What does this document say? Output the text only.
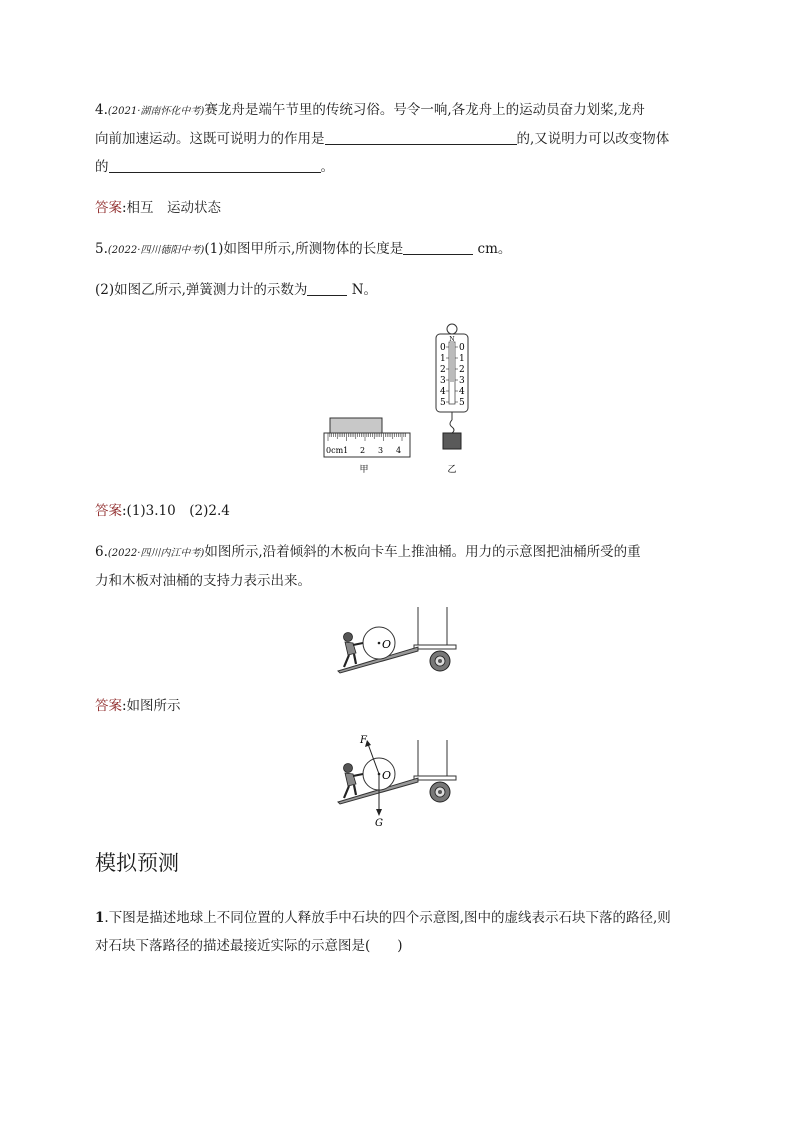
4.(2021·湖南怀化中考)赛龙舟是端午节里的传统习俗。号令一响,各龙舟上的运动员奋力划桨,龙舟
向前加速运动。这既可说明力的作用是	的,又说明力可以改变物体
的	。
答案:相互　运动状态
5.(2022·四川德阳中考)(1)如图甲所示,所测物体的长度是	cm。
(2)如图乙所示,弹簧测力计的示数为	N。
0cm1 2 3 4
甲
N
0
1
2
3
4
5
0
1
2
3
4
5
乙
答案:(1)3.10　(2)2.4
6.(2022·四川内江中考)如图所示,沿着倾斜的木板向卡车上推油桶。用力的示意图把油桶所受的重
力和木板对油桶的支持力表示出来。
O
答案:如图所示
O
F
G
模拟预测
1.下图是描述地球上不同位置的人释放手中石块的四个示意图,图中的虚线表示石块下落的路径,则
对石块下落路径的描述最接近实际的示意图是(　　)
